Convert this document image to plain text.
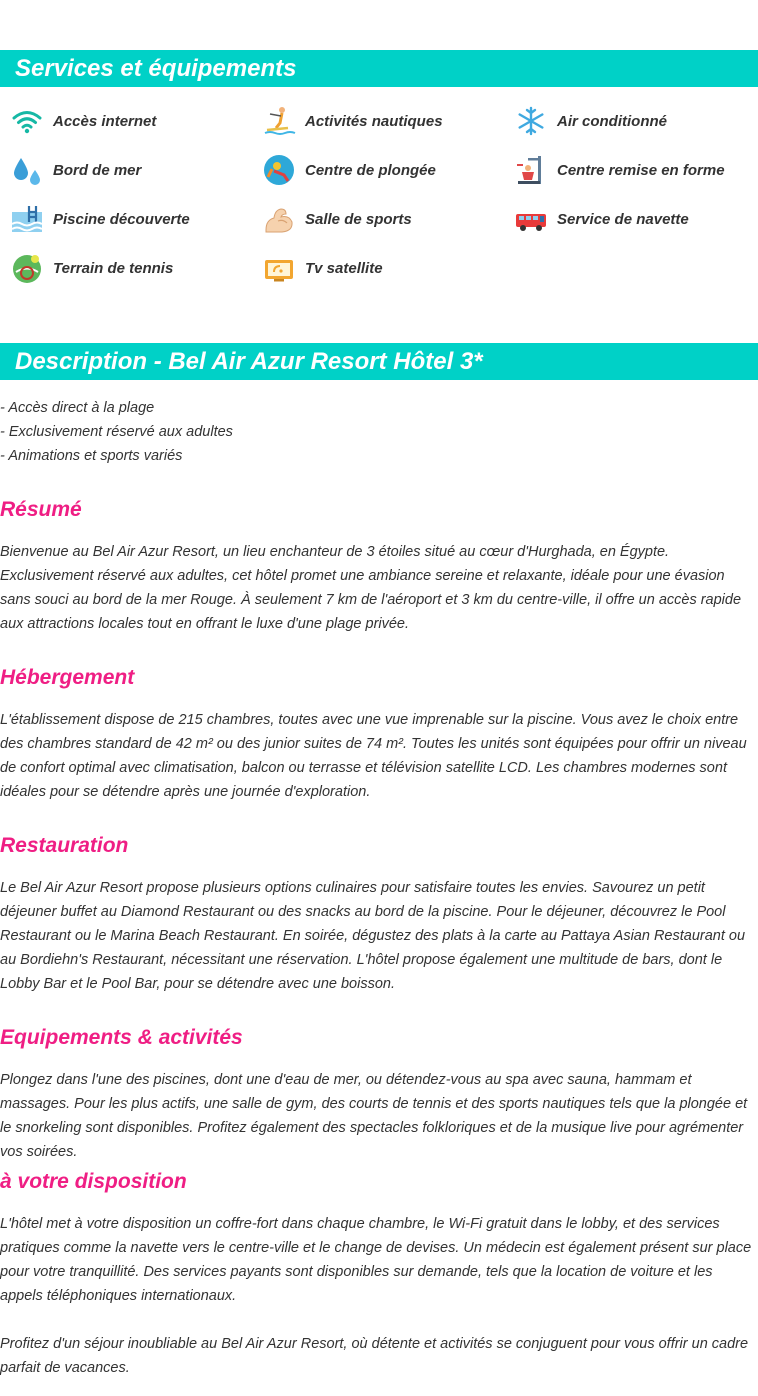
Services et équipements
Accès internet	Activités nautiques	Air conditionné
Bord de mer	Centre de plongée	Centre remise en forme
Piscine découverte	Salle de sports	Service de navette
Terrain de tennis	Tv satellite
Description - Bel Air Azur Resort Hôtel 3*
- Accès direct à la plage
- Exclusivement réservé aux adultes
- Animations et sports variés
Résumé

Bienvenue au Bel Air Azur Resort, un lieu enchanteur de 3 étoiles situé au cœur d'Hurghada, en Égypte. Exclusivement réservé aux adultes, cet hôtel promet une ambiance sereine et relaxante, idéale pour une évasion sans souci au bord de la mer Rouge. À seulement 7 km de l'aéroport et 3 km du centre-ville, il offre un accès rapide aux attractions locales tout en offrant le luxe d'une plage privée.

Hébergement

L'établissement dispose de 215 chambres, toutes avec une vue imprenable sur la piscine. Vous avez le choix entre des chambres standard de 42 m² ou des junior suites de 74 m². Toutes les unités sont équipées pour offrir un niveau de confort optimal avec climatisation, balcon ou terrasse et télévision satellite LCD. Les chambres modernes sont idéales pour se détendre après une journée d'exploration.

Restauration

Le Bel Air Azur Resort propose plusieurs options culinaires pour satisfaire toutes les envies. Savourez un petit déjeuner buffet au Diamond Restaurant ou des snacks au bord de la piscine. Pour le déjeuner, découvrez le Pool Restaurant ou le Marina Beach Restaurant. En soirée, dégustez des plats à la carte au Pattaya Asian Restaurant ou au Bordiehn's Restaurant, nécessitant une réservation. L'hôtel propose également une multitude de bars, dont le Lobby Bar et le Pool Bar, pour se détendre avec une boisson.

Equipements & activités

Plongez dans l'une des piscines, dont une d'eau de mer, ou détendez-vous au spa avec sauna, hammam et massages. Pour les plus actifs, une salle de gym, des courts de tennis et des sports nautiques tels que la plongée et le snorkeling sont disponibles. Profitez également des spectacles folkloriques et de la musique live pour agrémenter vos soirées.

à votre disposition

L'hôtel met à votre disposition un coffre-fort dans chaque chambre, le Wi-Fi gratuit dans le lobby, et des services pratiques comme la navette vers le centre-ville et le change de devises. Un médecin est également présent sur place pour votre tranquillité. Des services payants sont disponibles sur demande, tels que la location de voiture et les appels téléphoniques internationaux.

Profitez d'un séjour inoubliable au Bel Air Azur Resort, où détente et activités se conjuguent pour vous offrir un cadre parfait de vacances.
